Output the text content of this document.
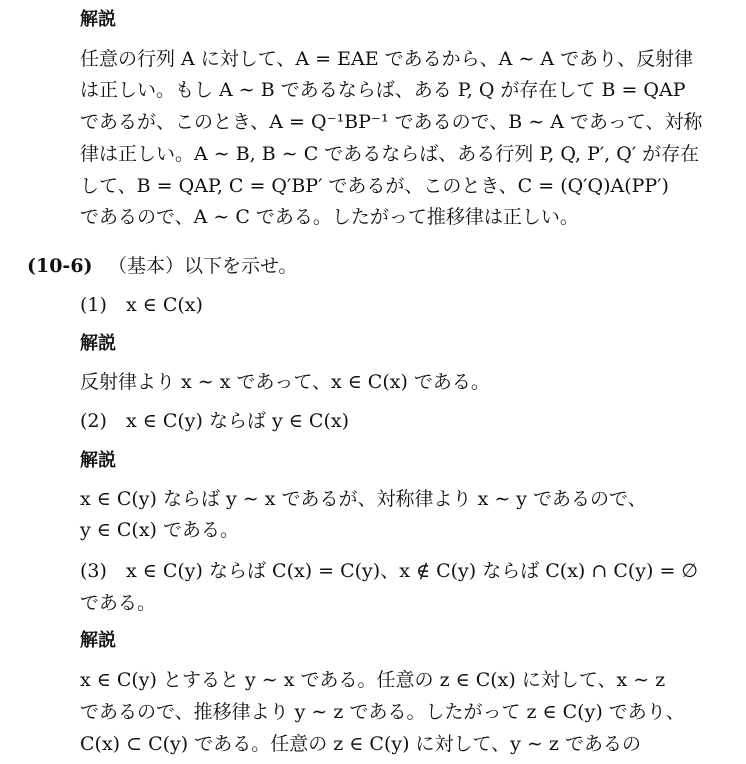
解説
任意の行列 A に対して、A = EAE であるから、A ∼ A であり、反射律
は正しい。もし A ∼ B であるならば、ある P, Q が存在して B = QAP
であるが、このとき、A = Q⁻¹BP⁻¹ であるので、B ∼ A であって、対称
律は正しい。A ∼ B, B ∼ C であるならば、ある行列 P, Q, P′, Q′ が存在
して、B = QAP, C = Q′BP′ であるが、このとき、C = (Q′Q)A(PP′)
であるので、A ∼ C である。したがって推移律は正しい。
(10-6) （基本）以下を示せ。
(1) x ∈ C(x)
解説
反射律より x ∼ x であって、x ∈ C(x) である。
(2) x ∈ C(y) ならば y ∈ C(x)
解説
x ∈ C(y) ならば y ∼ x であるが、対称律より x ∼ y であるので、
y ∈ C(x) である。
(3) x ∈ C(y) ならば C(x) = C(y)、x ∉ C(y) ならば C(x) ∩ C(y) = ∅
である。
解説
x ∈ C(y) とすると y ∼ x である。任意の z ∈ C(x) に対して、x ∼ z
であるので、推移律より y ∼ z である。したがって z ∈ C(y) であり、
C(x) ⊂ C(y) である。任意の z ∈ C(y) に対して、y ∼ z であるの
